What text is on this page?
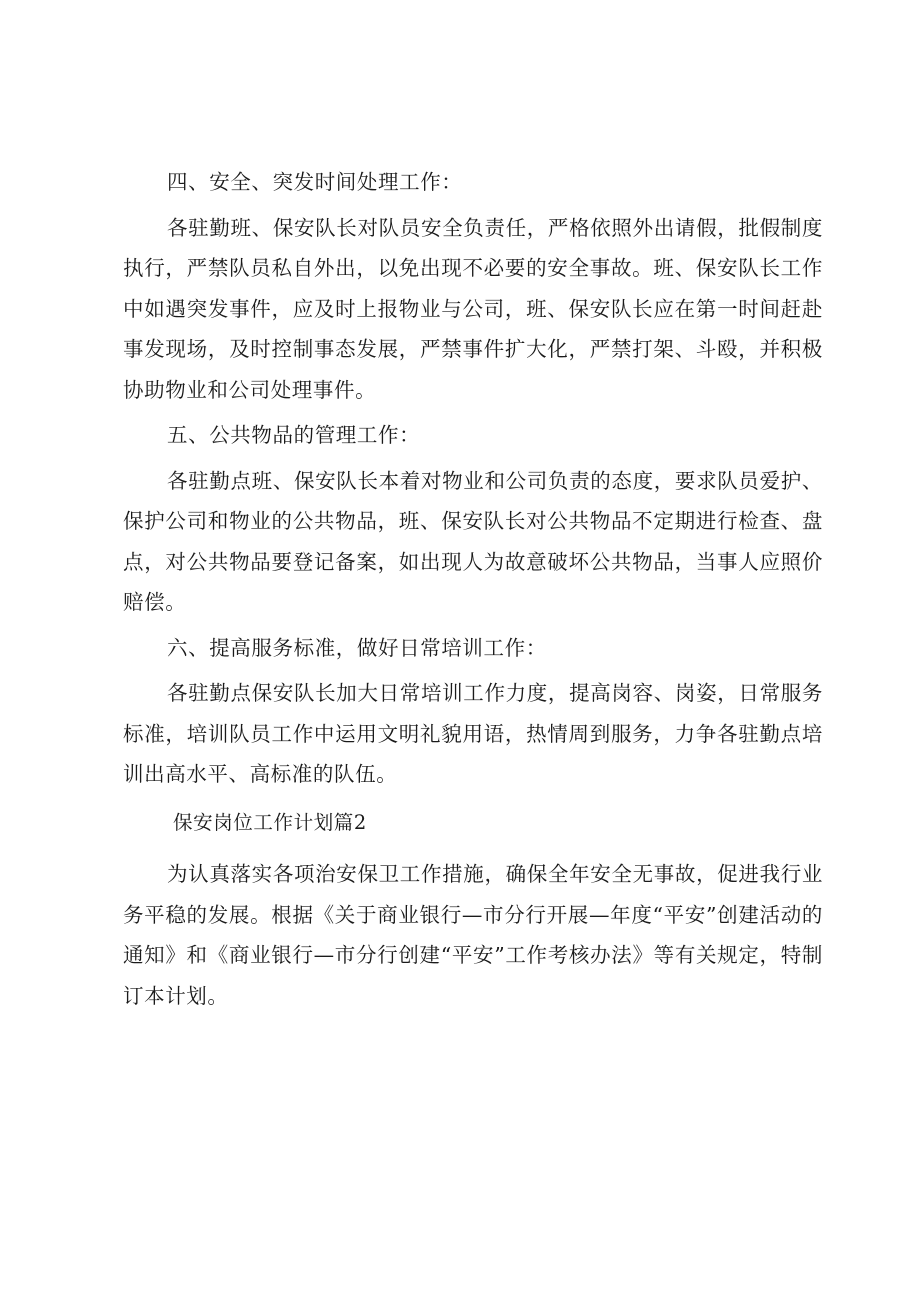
四、安全、突发时间处理工作：

各驻勤班、保安队长对队员安全负责任，严格依照外出请假，批假制度执行，严禁队员私自外出，以免出现不必要的安全事故。班、保安队长工作中如遇突发事件，应及时上报物业与公司，班、保安队长应在第一时间赶赴事发现场，及时控制事态发展，严禁事件扩大化，严禁打架、斗殴，并积极协助物业和公司处理事件。

五、公共物品的管理工作：

各驻勤点班、保安队长本着对物业和公司负责的态度，要求队员爱护、保护公司和物业的公共物品，班、保安队长对公共物品不定期进行检查、盘点，对公共物品要登记备案，如出现人为故意破坏公共物品，当事人应照价赔偿。

六、提高服务标准，做好日常培训工作：

各驻勤点保安队长加大日常培训工作力度，提高岗容、岗姿，日常服务标准，培训队员工作中运用文明礼貌用语，热情周到服务，力争各驻勤点培训出高水平、高标准的队伍。

保安岗位工作计划篇2

为认真落实各项治安保卫工作措施，确保全年安全无事故，促进我行业务平稳的发展。根据《关于商业银行—市分行开展—年度“平安”创建活动的通知》和《商业银行—市分行创建“平安”工作考核办法》等有关规定，特制订本计划。
